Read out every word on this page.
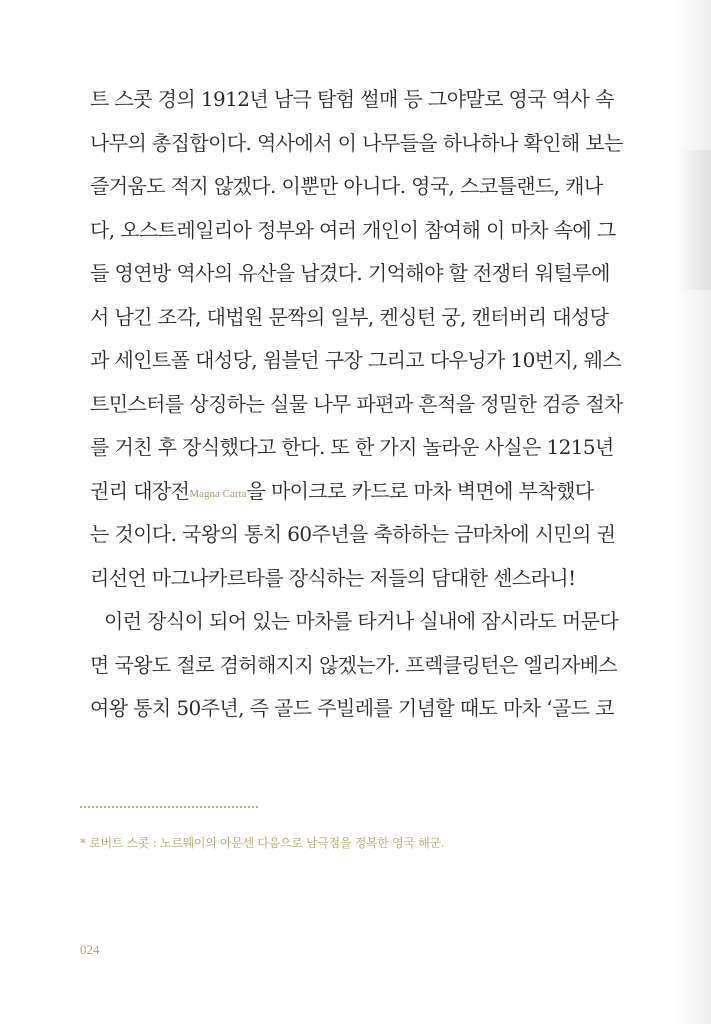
트 스콧 경의 1912년 남극 탐험 썰매 등 그야말로 영국 역사 속
나무의 총집합이다. 역사에서 이 나무들을 하나하나 확인해 보는
즐거움도 적지 않겠다. 이뿐만 아니다. 영국, 스코틀랜드, 캐나
다, 오스트레일리아 정부와 여러 개인이 참여해 이 마차 속에 그
들 영연방 역사의 유산을 남겼다. 기억해야 할 전쟁터 워털루에
서 남긴 조각, 대법원 문짝의 일부, 켄싱턴 궁, 캔터버리 대성당
과 세인트폴 대성당, 윔블던 구장 그리고 다우닝가 10번지, 웨스
트민스터를 상징하는 실물 나무 파편과 흔적을 정밀한 검증 절차
를 거친 후 장식했다고 한다. 또 한 가지 놀라운 사실은 1215년
권리 대장전Magna Carta을 마이크로 카드로 마차 벽면에 부착했다
는 것이다. 국왕의 통치 60주년을 축하하는 금마차에 시민의 권
리선언 마그나카르타를 장식하는 저들의 담대한 센스라니!
이런 장식이 되어 있는 마차를 타거나 실내에 잠시라도 머문다
면 국왕도 절로 겸허해지지 않겠는가. 프렉클링턴은 엘리자베스
여왕 통치 50주년, 즉 골드 주빌레를 기념할 때도 마차 ‘골드 코
* 로버트 스콧 : 노르웨이의 아문센 다음으로 남극점을 정복한 영국 해군.
024
